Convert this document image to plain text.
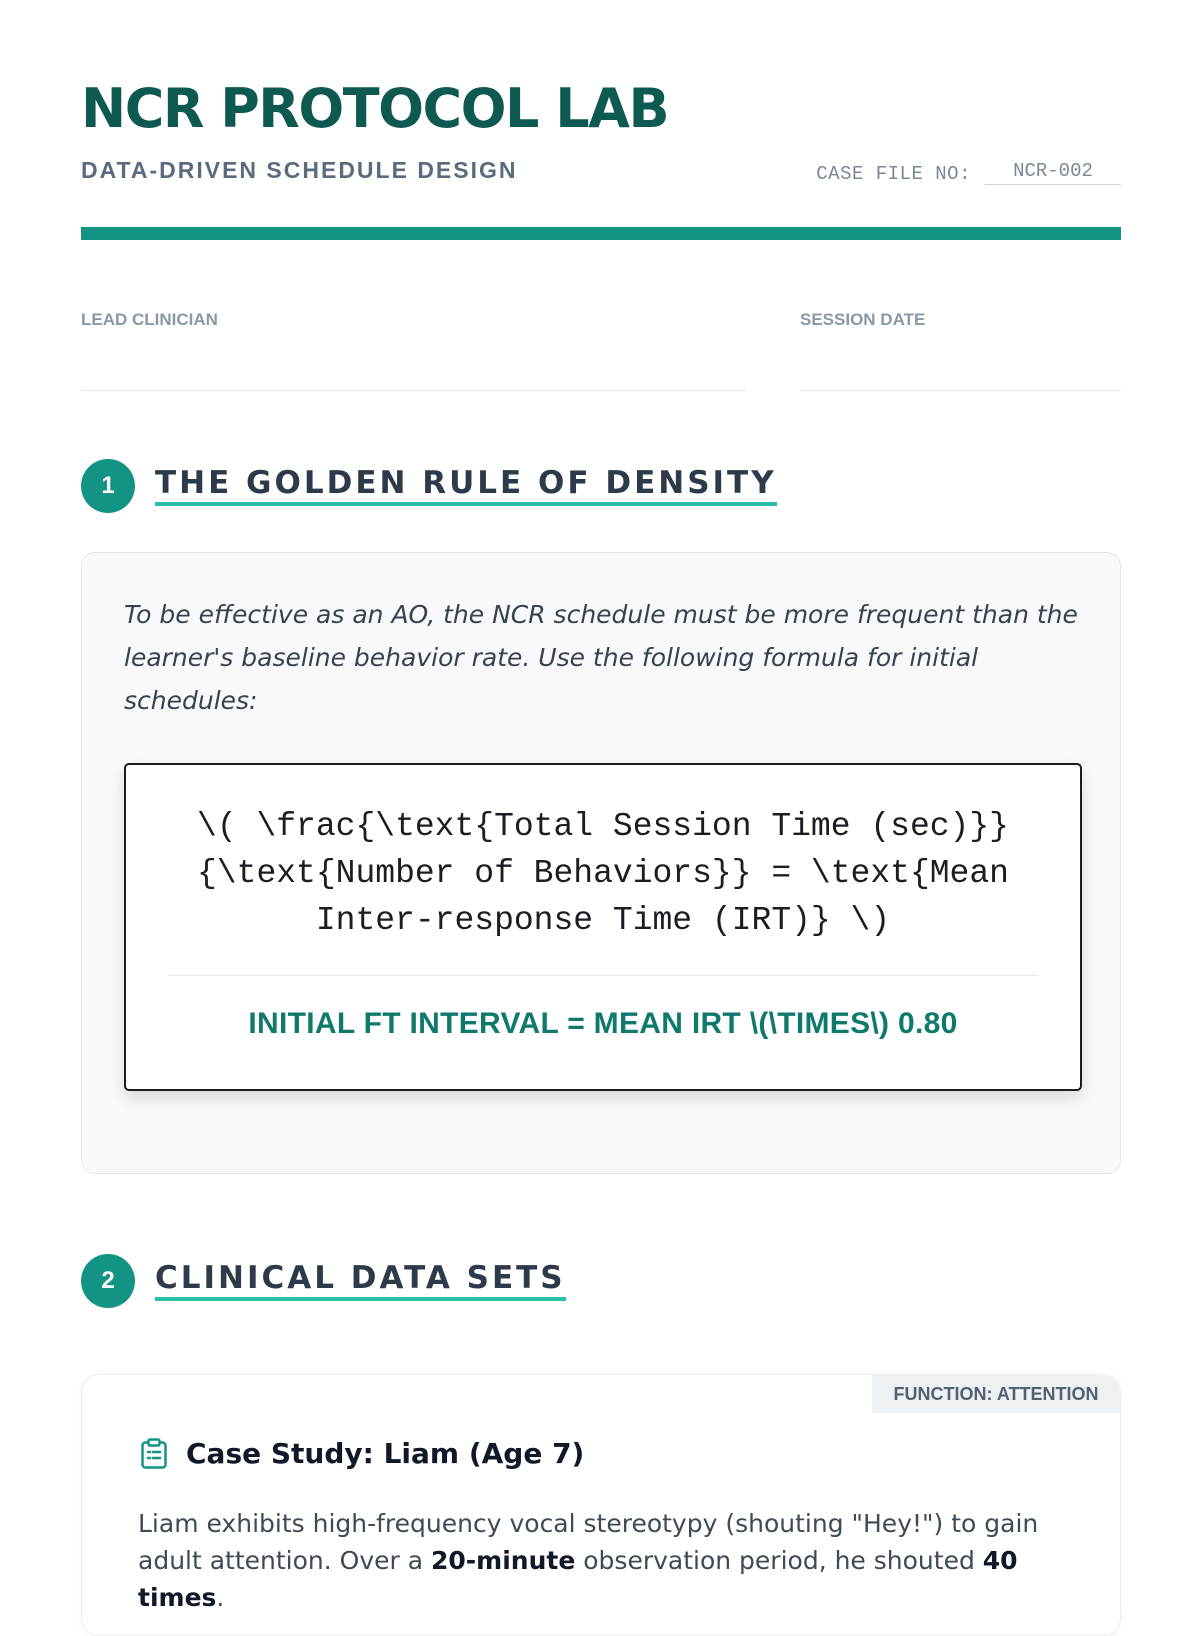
NCR PROTOCOL LAB
DATA-DRIVEN SCHEDULE DESIGN	CASE FILE NO:	NCR-002
LEAD CLINICIAN	SESSION DATE
1	THE GOLDEN RULE OF DENSITY

To be effective as an AO, the NCR schedule must be more frequent than the learner's baseline behavior rate. Use the following formula for initial schedules:

\( \frac{\text{Total Session Time (sec)}}{\text{Number of Behaviors}} = \text{Mean Inter-response Time (IRT)} \)
INITIAL FT INTERVAL = MEAN IRT \(\TIMES\) 0.80
2	CLINICAL DATA SETS
FUNCTION: ATTENTION
Case Study: Liam (Age 7)

Liam exhibits high-frequency vocal stereotypy (shouting "Hey!") to gain adult attention. Over a 20-minute observation period, he shouted 40 times.
